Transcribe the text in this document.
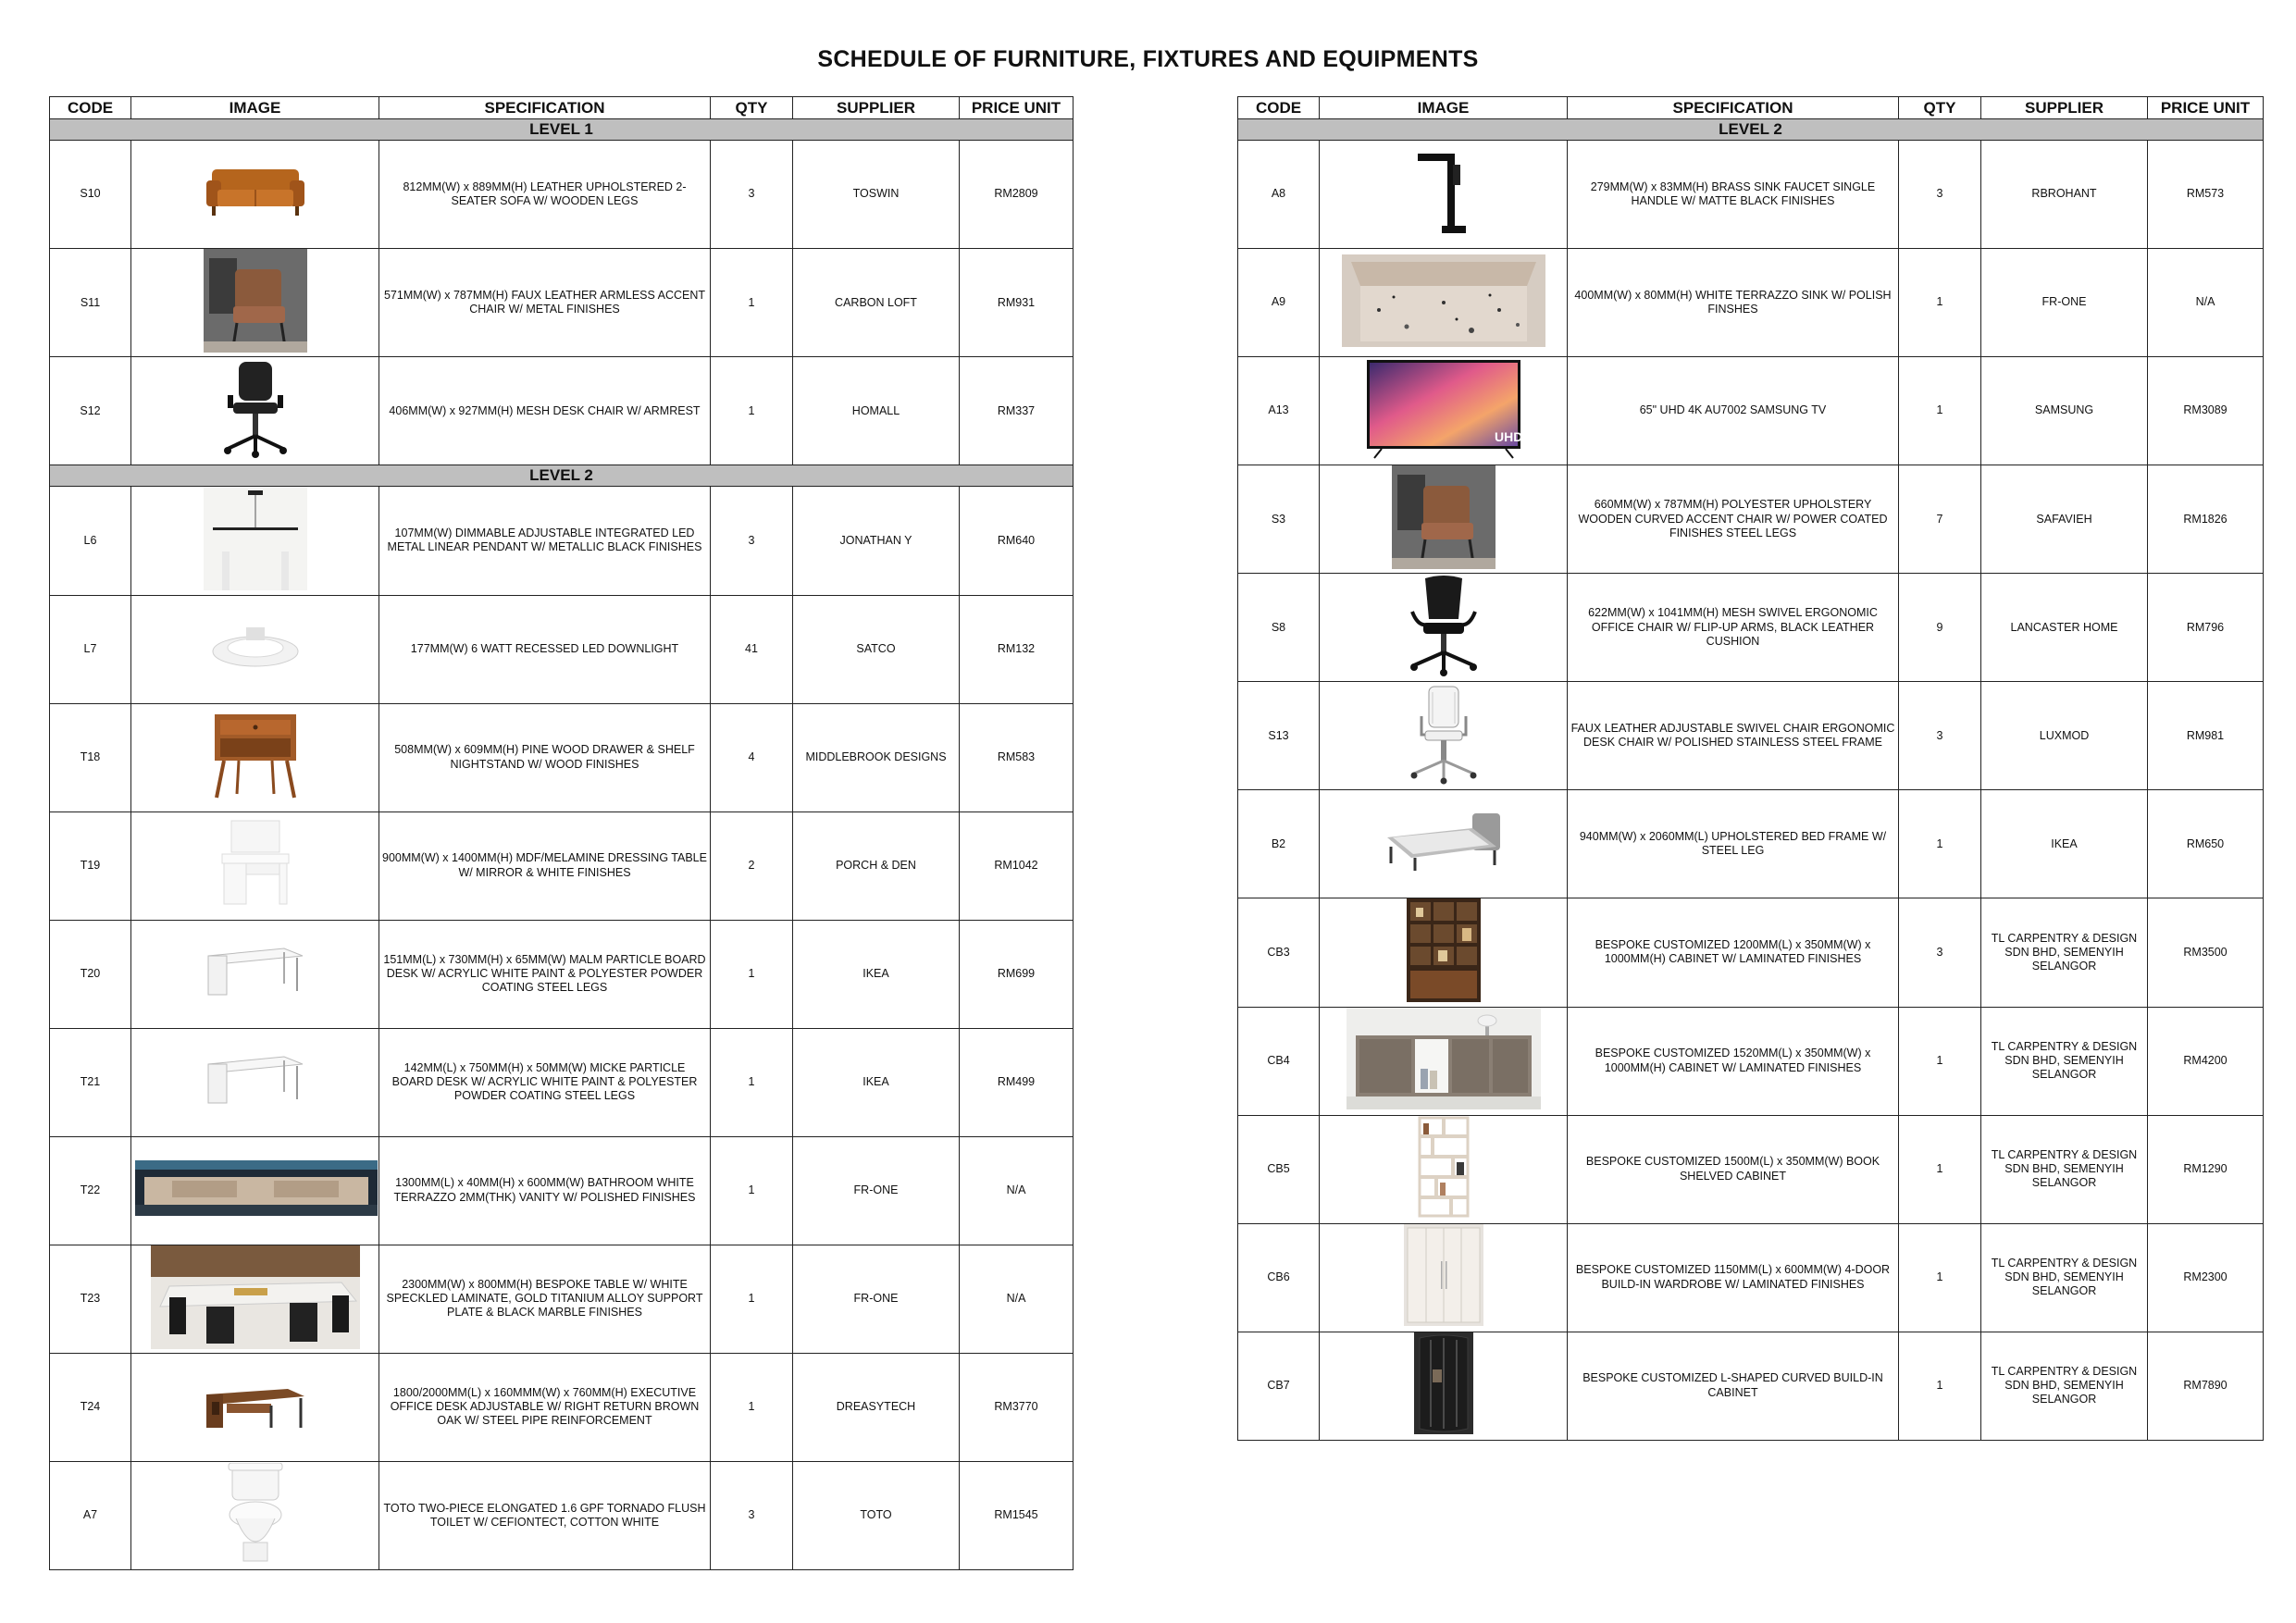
SCHEDULE OF FURNITURE, FIXTURES AND EQUIPMENTS
CODE	IMAGE	SPECIFICATION	QTY	SUPPLIER	PRICE UNIT
LEVEL 1					
S10		812MM(W) x 889MM(H) LEATHER UPHOLSTERED 2-SEATER SOFA W/ WOODEN LEGS	3	TOSWIN	RM2809
S11		571MM(W) x 787MM(H) FAUX LEATHER ARMLESS ACCENT CHAIR W/ METAL FINISHES	1	CARBON LOFT	RM931
S12		406MM(W) x 927MM(H) MESH DESK CHAIR W/ ARMREST	1	HOMALL	RM337
LEVEL 2					
L6		107MM(W) DIMMABLE ADJUSTABLE INTEGRATED LED METAL LINEAR PENDANT W/ METALLIC BLACK FINISHES	3	JONATHAN Y	RM640
L7		177MM(W) 6 WATT RECESSED LED DOWNLIGHT	41	SATCO	RM132
T18		508MM(W) x 609MM(H) PINE WOOD DRAWER & SHELF NIGHTSTAND W/ WOOD FINISHES	4	MIDDLEBROOK DESIGNS	RM583
T19		900MM(W) x 1400MM(H) MDF/MELAMINE DRESSING TABLE W/ MIRROR & WHITE FINISHES	2	PORCH & DEN	RM1042
T20		151MM(L) x 730MM(H) x 65MM(W) MALM PARTICLE BOARD DESK W/ ACRYLIC WHITE PAINT & POLYESTER POWDER COATING STEEL LEGS	1	IKEA	RM699
T21		142MM(L) x 750MM(H) x 50MM(W) MICKE PARTICLE BOARD DESK W/ ACRYLIC WHITE PAINT & POLYESTER POWDER COATING STEEL LEGS	1	IKEA	RM499
T22		1300MM(L) x 40MM(H) x 600MM(W) BATHROOM WHITE TERRAZZO 2MM(THK) VANITY W/ POLISHED FINISHES	1	FR-ONE	N/A
T23		2300MM(W) x 800MM(H) BESPOKE TABLE W/ WHITE SPECKLED LAMINATE, GOLD TITANIUM ALLOY SUPPORT PLATE & BLACK MARBLE FINISHES	1	FR-ONE	N/A
T24		1800/2000MM(L) x 160MMM(W) x 760MM(H) EXECUTIVE OFFICE DESK ADJUSTABLE W/ RIGHT RETURN BROWN OAK W/ STEEL PIPE REINFORCEMENT	1	DREASYTECH	RM3770
A7		TOTO TWO-PIECE ELONGATED 1.6 GPF TORNADO FLUSH TOILET W/ CEFIONTECT, COTTON WHITE	3	TOTO	RM1545
CODE	IMAGE	SPECIFICATION	QTY	SUPPLIER	PRICE UNIT
LEVEL 2					
A8		279MM(W) x 83MM(H) BRASS SINK FAUCET SINGLE HANDLE W/ MATTE BLACK FINISHES	3	RBROHANT	RM573
A9		400MM(W) x 80MM(H) WHITE TERRAZZO SINK W/ POLISH FINSHES	1	FR-ONE	N/A
A13	UHD	65" UHD 4K AU7002 SAMSUNG TV	1	SAMSUNG	RM3089
S3		660MM(W) x 787MM(H) POLYESTER UPHOLSTERY WOODEN CURVED ACCENT CHAIR W/ POWER COATED FINISHES STEEL LEGS	7	SAFAVIEH	RM1826
S8		622MM(W) x 1041MM(H) MESH SWIVEL ERGONOMIC OFFICE CHAIR W/ FLIP-UP ARMS, BLACK LEATHER CUSHION	9	LANCASTER HOME	RM796
S13		FAUX LEATHER ADJUSTABLE SWIVEL CHAIR ERGONOMIC DESK CHAIR W/ POLISHED STAINLESS STEEL FRAME	3	LUXMOD	RM981
B2		940MM(W) x 2060MM(L) UPHOLSTERED BED FRAME W/ STEEL LEG	1	IKEA	RM650
CB3		BESPOKE CUSTOMIZED 1200MM(L) x 350MM(W) x 1000MM(H) CABINET W/ LAMINATED FINISHES	3	TL CARPENTRY & DESIGN SDN BHD, SEMENYIH SELANGOR	RM3500
CB4		BESPOKE CUSTOMIZED 1520MM(L) x 350MM(W) x 1000MM(H) CABINET W/ LAMINATED FINISHES	1	TL CARPENTRY & DESIGN SDN BHD, SEMENYIH SELANGOR	RM4200
CB5		BESPOKE CUSTOMIZED 1500M(L) x 350MM(W) BOOK SHELVED CABINET	1	TL CARPENTRY & DESIGN SDN BHD, SEMENYIH SELANGOR	RM1290
CB6		BESPOKE CUSTOMIZED 1150MM(L) x 600MM(W) 4-DOOR BUILD-IN WARDROBE W/ LAMINATED FINISHES	1	TL CARPENTRY & DESIGN SDN BHD, SEMENYIH SELANGOR	RM2300
CB7		BESPOKE CUSTOMIZED L-SHAPED CURVED BUILD-IN CABINET	1	TL CARPENTRY & DESIGN SDN BHD, SEMENYIH SELANGOR	RM7890
